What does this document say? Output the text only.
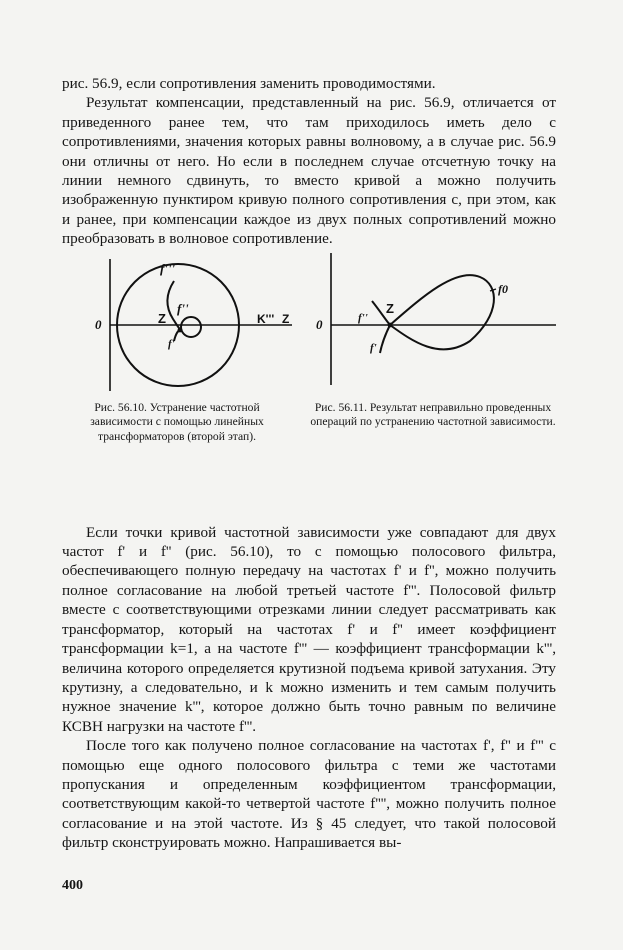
рис. 56.9, если сопротивления заменить проводимостями.

Результат компенсации, представленный на рис. 56.9, отличается от приведенного ранее тем, что там приходилось иметь дело с сопротивлениями, значения которых равны волновому, а в случае рис. 56.9 они отличны от него. Но если в последнем случае отсчетную точку на линии немного сдвинуть, то вместо кривой a можно получить изображенную пунктиром кривую полного сопротивления c, при этом, как и ранее, при компенсации каждое из двух полных сопротивлений можно преобразовать в волновое сопротивление.

0	Z
f'''
f''
f'
K''' Z

Рис. 56.10. Устранение частотной зависимости с помощью линейных трансформаторов (второй этап).

0
Z
f''
f'
f0

Рис. 56.11. Результат неправильно проведенных операций по устранению частотной зависимости.

Если точки кривой частотной зависимости уже совпадают для двух частот f' и f'' (рис. 56.10), то с помощью полосового фильтра, обеспечивающего полную передачу на частотах f' и f'', можно получить полное согласование на любой третьей частоте f'''. Полосовой фильтр вместе с соответствующими отрезками линии следует рассматривать как трансформатор, который на частотах f' и f'' имеет коэффициент трансформации k=1, а на частоте f''' — коэффициент трансформации k''', величина которого определяется крутизной подъема кривой затухания. Эту крутизну, а следовательно, и k можно изменить и тем самым получить нужное значение k''', которое должно быть точно равным по величине КСВН нагрузки на частоте f'''.

После того как получено полное согласование на частотах f', f'' и f''' с помощью еще одного полосового фильтра с теми же частотами пропускания и определенным коэффициентом трансформации, соответствующим какой-то четвертой частоте f'''', можно получить полное согласование и на этой частоте. Из § 45 следует, что такой полосовой фильтр сконструировать можно. Напрашивается вы-

400
